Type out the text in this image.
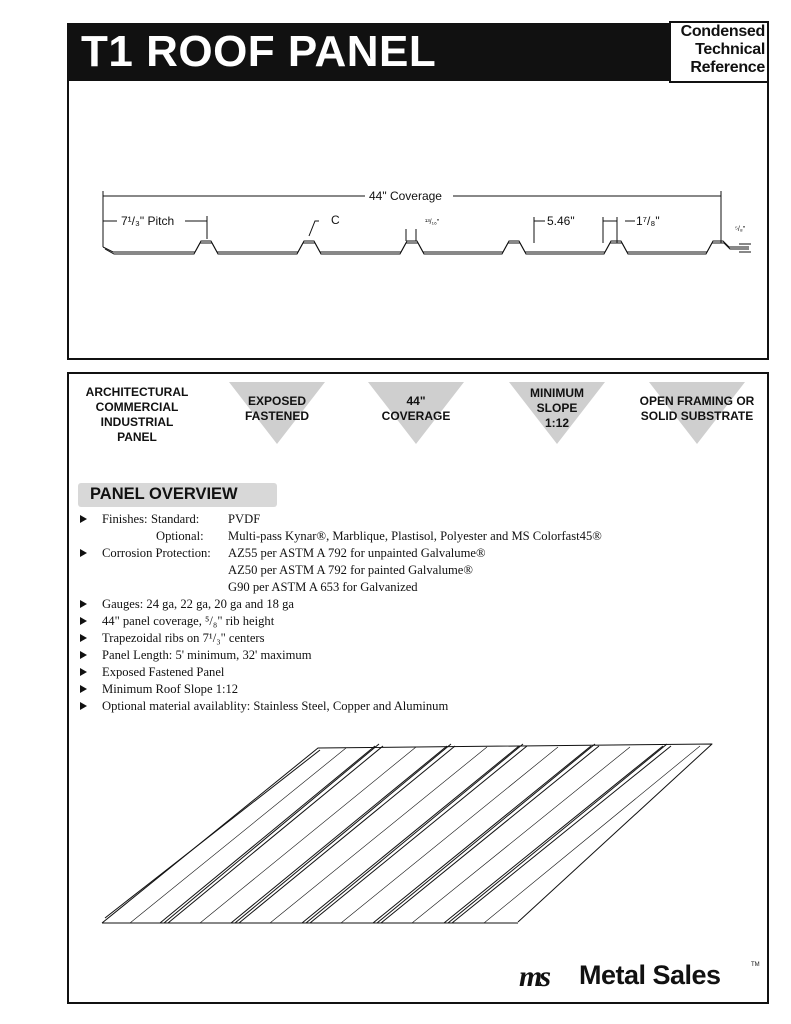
T1 ROOF PANEL	Condensed
Technical
Reference
44" Coverage
7¹/₃" Pitch	C	¹³/₁₆"	5.46"	1⁷/₈"
⁵/₈"
ARCHITECTURAL
COMMERCIAL
INDUSTRIAL
PANEL
EXPOSED
FASTENED
44"
COVERAGE
MINIMUM
SLOPE
1:12
OPEN FRAMING OR
SOLID SUBSTRATE
PANEL OVERVIEW
Finishes: Standard: PVDF
Optional: Multi-pass Kynar®, Marblique, Plastisol, Polyester and MS Colorfast45®
Corrosion Protection: AZ55 per ASTM A 792 for unpainted Galvalume®
AZ50 per ASTM A 792 for painted Galvalume®
G90 per ASTM A 653 for Galvanized
Gauges: 24 ga, 22 ga, 20 ga and 18 ga
44" panel coverage, ⁵/₈" rib height
Trapezoidal ribs on 7¹/₃" centers
Panel Length: 5' minimum, 32' maximum
Exposed Fastened Panel
Minimum Roof Slope 1:12
Optional material availablity: Stainless Steel, Copper and Aluminum
ms Metal Sales	TM
